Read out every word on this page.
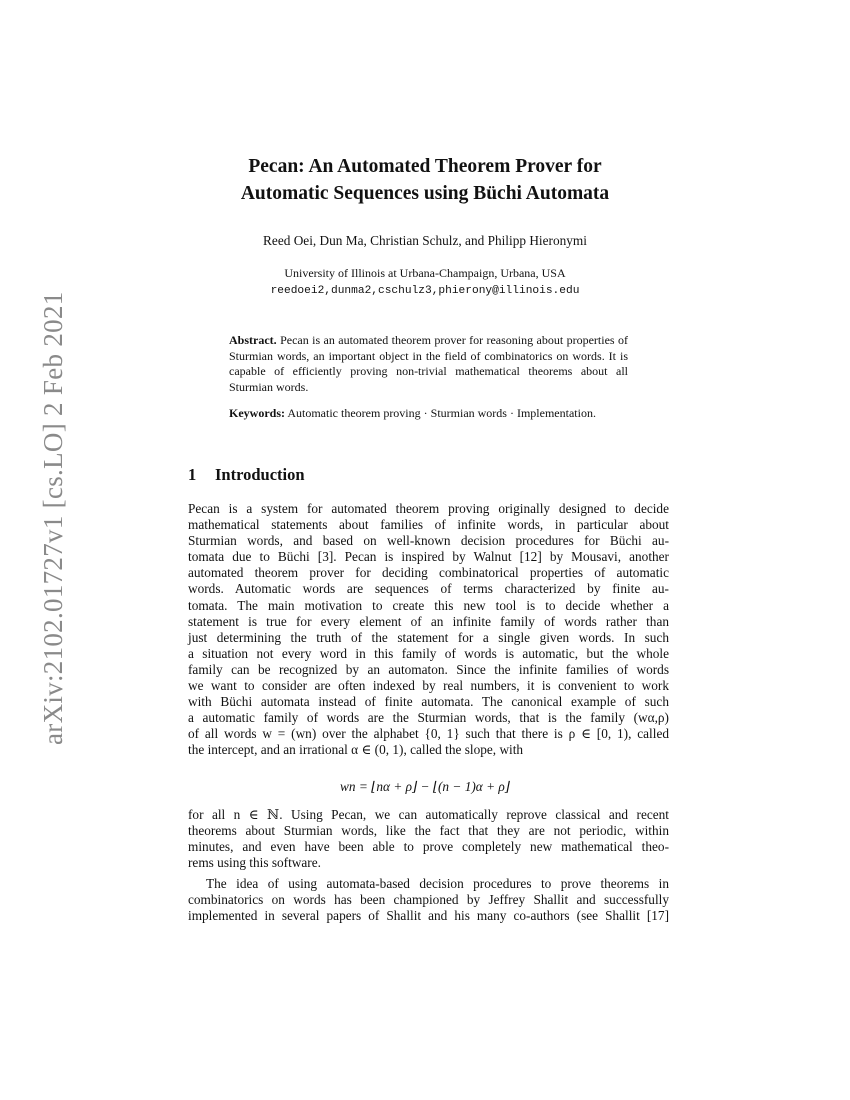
arXiv:2102.01727v1 [cs.LO] 2 Feb 2021
Pecan: An Automated Theorem Prover for
Automatic Sequences using Büchi Automata
Reed Oei, Dun Ma, Christian Schulz, and Philipp Hieronymi
University of Illinois at Urbana-Champaign, Urbana, USA
reedoei2,dunma2,cschulz3,phierony@illinois.edu
Abstract. Pecan is an automated theorem prover for reasoning about properties of Sturmian words, an important object in the field of combinatorics on words. It is capable of efficiently proving non-trivial mathematical theorems about all Sturmian words.
Keywords: Automatic theorem proving · Sturmian words · Implementation.
1 Introduction
Pecan is a system for automated theorem proving originally designed to decide
mathematical statements about families of infinite words, in particular about
Sturmian words, and based on well-known decision procedures for Büchi au-
tomata due to Büchi [3]. Pecan is inspired by Walnut [12] by Mousavi, another
automated theorem prover for deciding combinatorical properties of automatic
words. Automatic words are sequences of terms characterized by finite au-
tomata. The main motivation to create this new tool is to decide whether a
statement is true for every element of an infinite family of words rather than
just determining the truth of the statement for a single given words. In such
a situation not every word in this family of words is automatic, but the whole
family can be recognized by an automaton. Since the infinite families of words
we want to consider are often indexed by real numbers, it is convenient to work
with Büchi automata instead of finite automata. The canonical example of such
a automatic family of words are the Sturmian words, that is the family (wα,ρ)
of all words w = (wn) over the alphabet {0, 1} such that there is ρ ∈ [0, 1), called
the intercept, and an irrational α ∈ (0, 1), called the slope, with
wn = ⌊nα + ρ⌋ − ⌊(n − 1)α + ρ⌋
for all n ∈ ℕ. Using Pecan, we can automatically reprove classical and recent
theorems about Sturmian words, like the fact that they are not periodic, within
minutes, and even have been able to prove completely new mathematical theo-
rems using this software.
The idea of using automata-based decision procedures to prove theorems in
combinatorics on words has been championed by Jeffrey Shallit and successfully
implemented in several papers of Shallit and his many co-authors (see Shallit [17]
